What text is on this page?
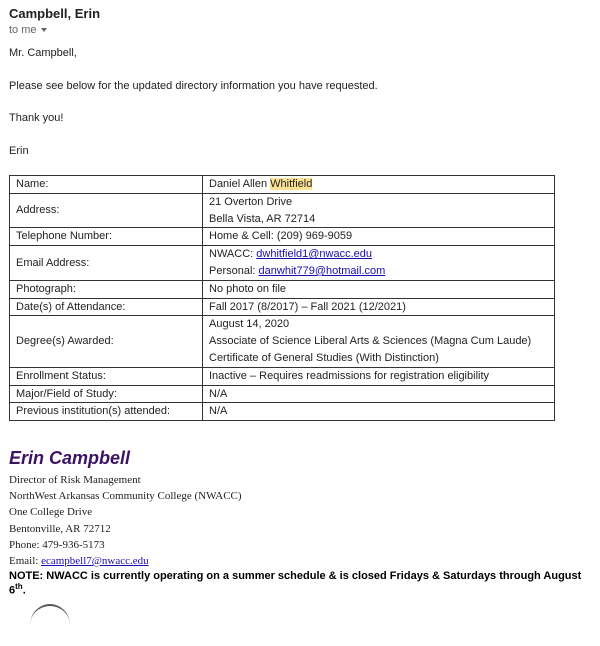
Campbell, Erin
to me
Mr. Campbell,
Please see below for the updated directory information you have requested.
Thank you!
Erin
Name:	Daniel Allen Whitfield
Address:	21 Overton Drive
Bella Vista, AR 72714

Telephone Number:	Home & Cell: (209) 969-9059
Email Address:	NWACC: dwhitfield1@nwacc.edu
Personal: danwhit779@hotmail.com

Photograph:	No photo on file
Date(s) of Attendance:	Fall 2017 (8/2017) – Fall 2021 (12/2021)
Degree(s) Awarded:	August 14, 2020
Associate of Science Liberal Arts & Sciences (Magna Cum Laude)
Certificate of General Studies (With Distinction)

Enrollment Status:	Inactive – Requires readmissions for registration eligibility
Major/Field of Study:	N/A
Previous institution(s) attended:	N/A
Erin Campbell
Director of Risk Management
NorthWest Arkansas Community College (NWACC)
One College Drive
Bentonville, AR 72712
Phone: 479-936-5173
Email: ecampbell7@nwacc.edu
NOTE: NWACC is currently operating on a summer schedule & is closed Fridays & Saturdays through August 6th.
